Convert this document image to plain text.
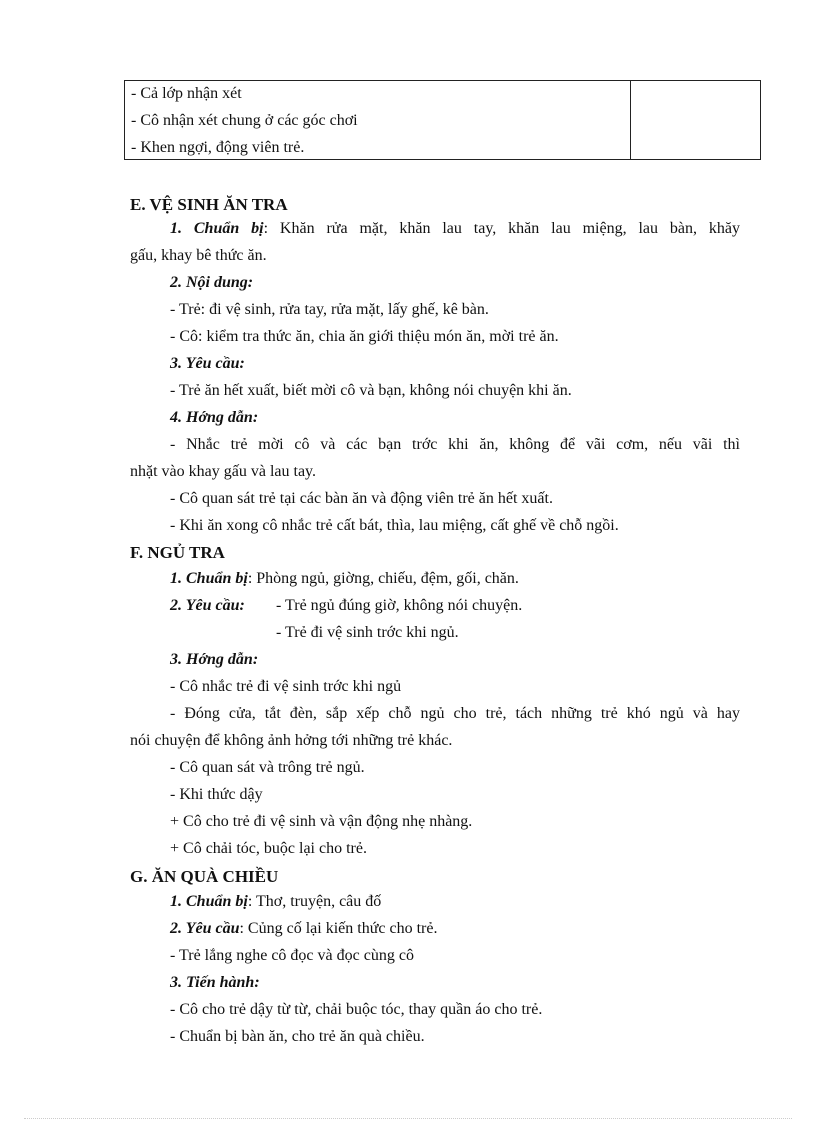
- Cả lớp nhận xét
- Cô nhận xét chung ở các góc chơi
- Khen ngợi, động viên trẻ.
E. VỆ SINH ĂN TRA
1. Chuẩn bị: Khăn rửa mặt, khăn lau tay, khăn lau miệng, lau bàn, khăy
gấu, khay bê thức ăn.
2. Nội dung:
- Trẻ: đi vệ sinh, rửa tay, rửa mặt, lấy ghế, kê bàn.
- Cô: kiểm tra thức ăn, chia ăn giới thiệu món ăn, mời trẻ ăn.
3. Yêu cầu:
- Trẻ ăn hết xuất, biết mời cô và bạn, không nói chuyện khi ăn.
4. Hớng dẫn:
- Nhắc trẻ mời cô và các bạn trớc khi ăn, không để vãi cơm, nếu vãi thì
nhặt vào khay gấu và lau tay.
- Cô quan sát trẻ tại các bàn ăn và động viên trẻ ăn hết xuất.
- Khi ăn xong cô nhắc trẻ cất bát, thìa, lau miệng, cất ghế về chỗ ngồi.
F. NGỦ TRA
1. Chuẩn bị: Phòng ngủ, giờng, chiếu, đệm, gối, chăn.
2. Yêu cầu: - Trẻ ngủ đúng giờ, không nói chuyện.
- Trẻ đi vệ sinh trớc khi ngủ.
3. Hớng dẫn:
- Cô nhắc trẻ đi vệ sinh trớc khi ngủ
- Đóng cửa, tắt đèn, sắp xếp chỗ ngủ cho trẻ, tách những trẻ khó ngủ và hay
nói chuyện để không ảnh hởng tới những trẻ khác.
- Cô quan sát và trông trẻ ngủ.
- Khi thức dậy
+ Cô cho trẻ đi vệ sinh và vận động nhẹ nhàng.
+ Cô chải tóc, buộc lại cho trẻ.
G. ĂN QUÀ CHIỀU
1. Chuẩn bị: Thơ, truyện, câu đố
2. Yêu cầu: Củng cố lại kiến thức cho trẻ.
- Trẻ lắng nghe cô đọc và đọc cùng cô
3. Tiến hành:
- Cô cho trẻ dậy từ từ, chải buộc tóc, thay quần áo cho trẻ.
- Chuẩn bị bàn ăn, cho trẻ ăn quà chiều.
